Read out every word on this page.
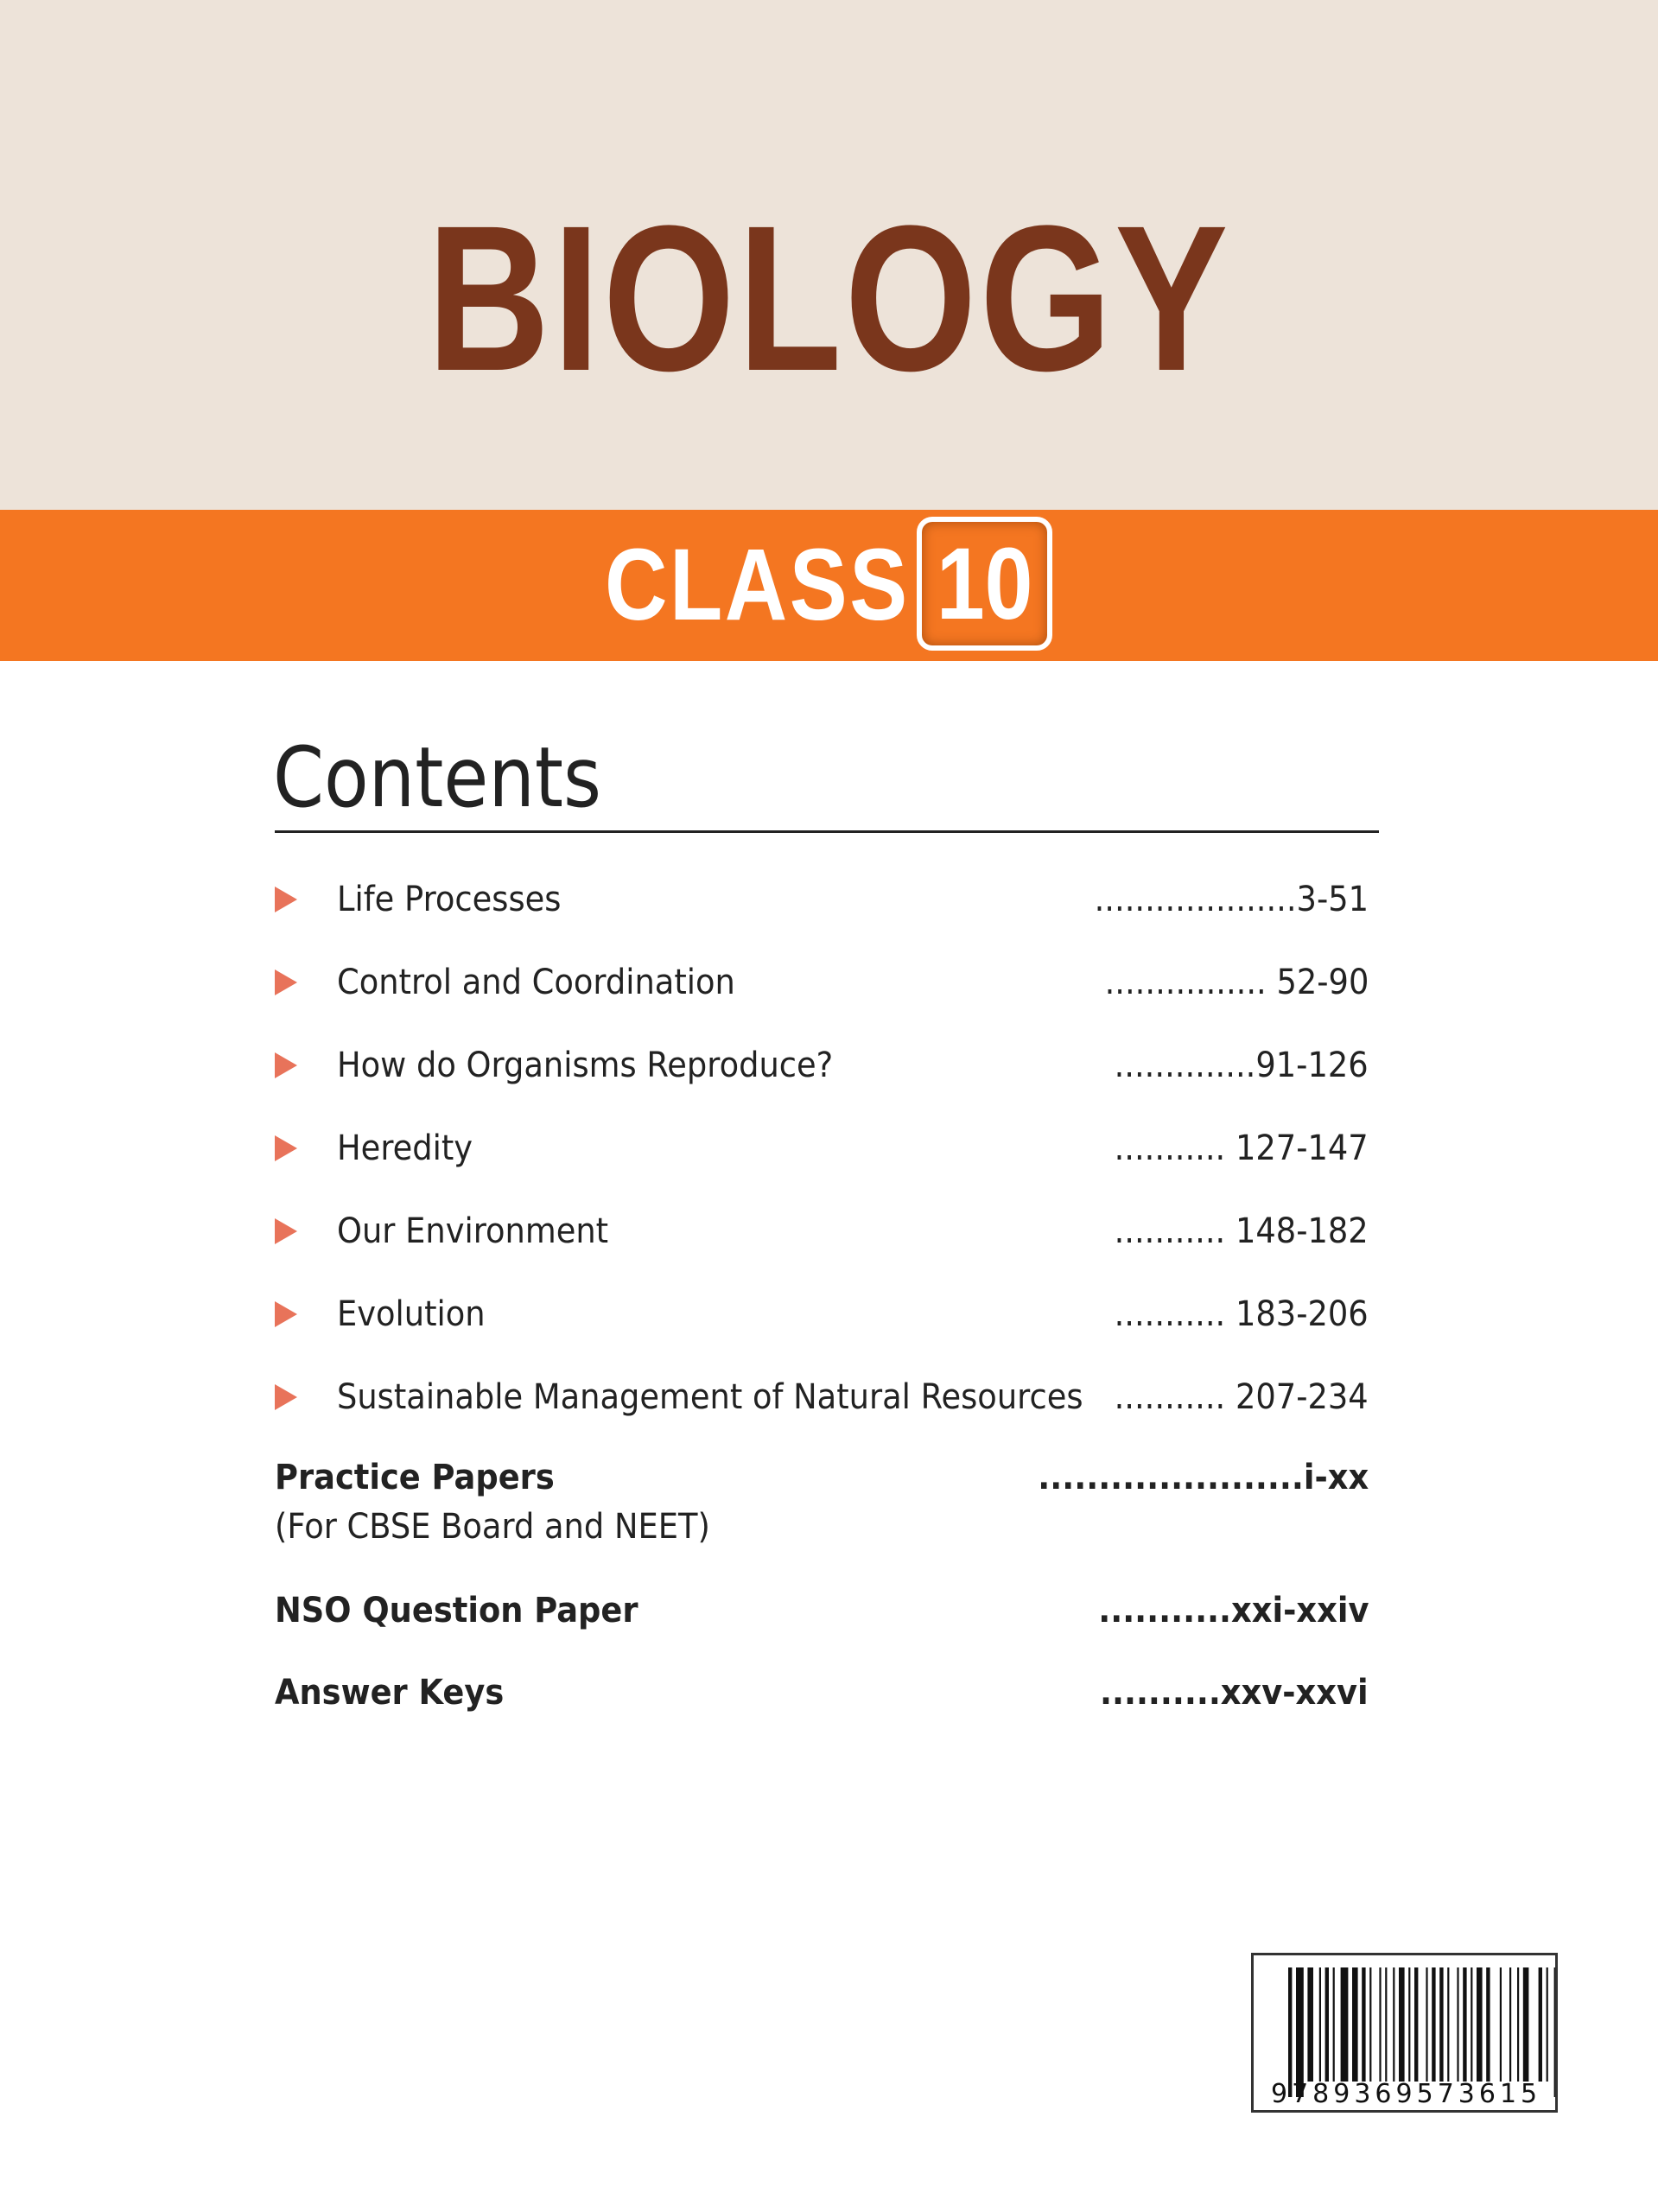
BIOLOGY
CLASS 10
Contents
Life Processes	....................3-51
Control and Coordination	................ 52-90
How do Organisms Reproduce?	..............91-126
Heredity	........... 127-147
Our Environment	........... 148-182
Evolution	........... 183-206
Sustainable Management of Natural Resources ........... 207-234
Practice Papers	......................i-xx
NSO Question Paper	...........xxi-xxiv
Answer Keys	..........xxv-xxvi
(For CBSE Board and NEET)
9789369573615
